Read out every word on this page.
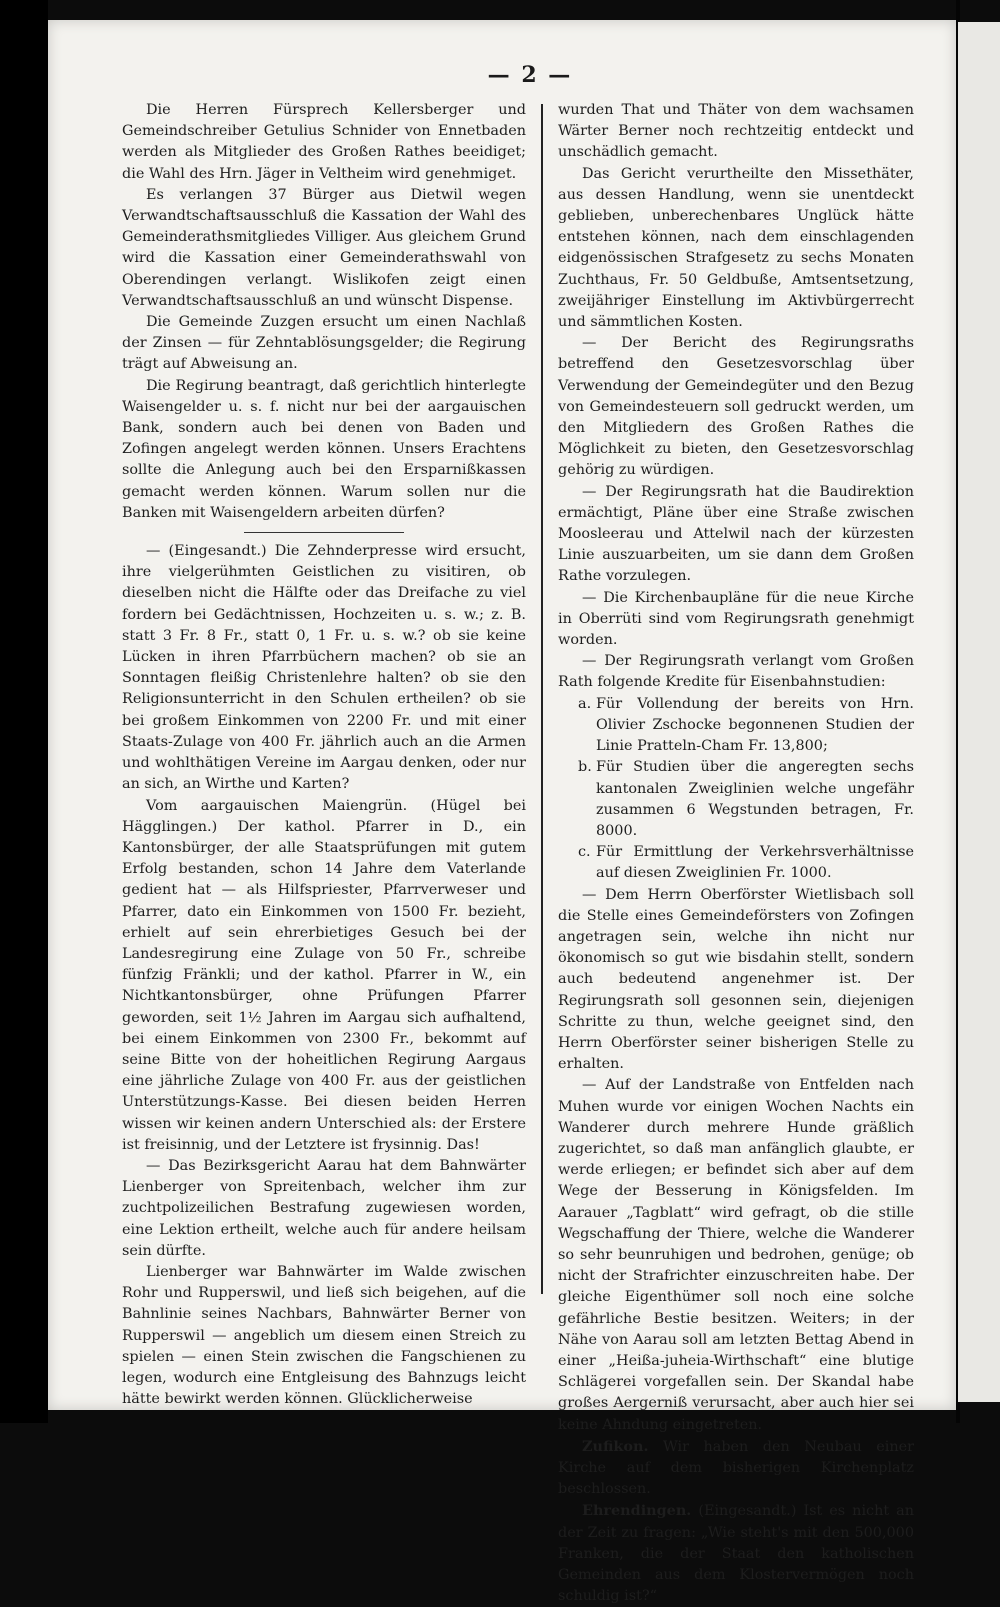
— 2 —

Die Herren Fürsprech Kellersberger und Gemeindschreiber Getulius Schnider von Ennetbaden werden als Mitglieder des Großen Rathes beeidiget; die Wahl des Hrn. Jäger in Veltheim wird genehmiget.

Es verlangen 37 Bürger aus Dietwil wegen Verwandtschaftsausschluß die Kassation der Wahl des Gemeinderathsmitgliedes Villiger. Aus gleichem Grund wird die Kassation einer Gemeinderathswahl von Oberendingen verlangt. Wislikofen zeigt einen Verwandtschaftsausschluß an und wünscht Dispense.

Die Gemeinde Zuzgen ersucht um einen Nachlaß der Zinsen — für Zehntablösungsgelder; die Regirung trägt auf Abweisung an.

Die Regirung beantragt, daß gerichtlich hinterlegte Waisengelder u. s. f. nicht nur bei der aargauischen Bank, sondern auch bei denen von Baden und Zofingen angelegt werden können. Unsers Erachtens sollte die Anlegung auch bei den Ersparnißkassen gemacht werden können. Warum sollen nur die Banken mit Waisengeldern arbeiten dürfen?

— (Eingesandt.) Die Zehnderpresse wird ersucht, ihre vielgerühmten Geistlichen zu visitiren, ob dieselben nicht die Hälfte oder das Dreifache zu viel fordern bei Gedächtnissen, Hochzeiten u. s. w.; z. B. statt 3 Fr. 8 Fr., statt 0, 1 Fr. u. s. w.? ob sie keine Lücken in ihren Pfarrbüchern machen? ob sie an Sonntagen fleißig Christenlehre halten? ob sie den Religionsunterricht in den Schulen ertheilen? ob sie bei großem Einkommen von 2200 Fr. und mit einer Staats-Zulage von 400 Fr. jährlich auch an die Armen und wohlthätigen Vereine im Aargau denken, oder nur an sich, an Wirthe und Karten?

Vom aargauischen Maiengrün. (Hügel bei Hägglingen.) Der kathol. Pfarrer in D., ein Kantonsbürger, der alle Staatsprüfungen mit gutem Erfolg bestanden, schon 14 Jahre dem Vaterlande gedient hat — als Hilfspriester, Pfarrverweser und Pfarrer, dato ein Einkommen von 1500 Fr. bezieht, erhielt auf sein ehrerbietiges Gesuch bei der Landesregirung eine Zulage von 50 Fr., schreibe fünfzig Fränkli; und der kathol. Pfarrer in W., ein Nichtkantonsbürger, ohne Prüfungen Pfarrer geworden, seit 1½ Jahren im Aargau sich aufhaltend, bei einem Einkommen von 2300 Fr., bekommt auf seine Bitte von der hoheitlichen Regirung Aargaus eine jährliche Zulage von 400 Fr. aus der geistlichen Unterstützungs-Kasse. Bei diesen beiden Herren wissen wir keinen andern Unterschied als: der Erstere ist freisinnig, und der Letztere ist frysinnig. Das!

— Das Bezirksgericht Aarau hat dem Bahnwärter Lienberger von Spreitenbach, welcher ihm zur zuchtpolizeilichen Bestrafung zugewiesen worden, eine Lektion ertheilt, welche auch für andere heilsam sein dürfte.

Lienberger war Bahnwärter im Walde zwischen Rohr und Rupperswil, und ließ sich beigehen, auf die Bahnlinie seines Nachbars, Bahnwärter Berner von Rupperswil — angeblich um diesem einen Streich zu spielen — einen Stein zwischen die Fangschienen zu legen, wodurch eine Entgleisung des Bahnzugs leicht hätte bewirkt werden können. Glücklicherweise

wurden That und Thäter von dem wachsamen Wärter Berner noch rechtzeitig entdeckt und unschädlich gemacht.

Das Gericht verurtheilte den Missethäter, aus dessen Handlung, wenn sie unentdeckt geblieben, unberechenbares Unglück hätte entstehen können, nach dem einschlagenden eidgenössischen Strafgesetz zu sechs Monaten Zuchthaus, Fr. 50 Geldbuße, Amtsentsetzung, zweijähriger Einstellung im Aktivbürgerrecht und sämmtlichen Kosten.

— Der Bericht des Regirungsraths betreffend den Gesetzesvorschlag über Verwendung der Gemeindegüter und den Bezug von Gemeindesteuern soll gedruckt werden, um den Mitgliedern des Großen Rathes die Möglichkeit zu bieten, den Gesetzesvorschlag gehörig zu würdigen.

— Der Regirungsrath hat die Baudirektion ermächtigt, Pläne über eine Straße zwischen Moosleerau und Attelwil nach der kürzesten Linie auszuarbeiten, um sie dann dem Großen Rathe vorzulegen.

— Die Kirchenbaupläne für die neue Kirche in Oberrüti sind vom Regirungsrath genehmigt worden.

— Der Regirungsrath verlangt vom Großen Rath folgende Kredite für Eisenbahnstudien:

a. Für Vollendung der bereits von Hrn. Olivier Zschocke begonnenen Studien der Linie Pratteln-Cham Fr. 13,800;

b. Für Studien über die angeregten sechs kantonalen Zweiglinien welche ungefähr zusammen 6 Wegstunden betragen, Fr. 8000.

c. Für Ermittlung der Verkehrsverhältnisse auf diesen Zweiglinien Fr. 1000.

— Dem Herrn Oberförster Wietlisbach soll die Stelle eines Gemeindeförsters von Zofingen angetragen sein, welche ihn nicht nur ökonomisch so gut wie bisdahin stellt, sondern auch bedeutend angenehmer ist. Der Regirungsrath soll gesonnen sein, diejenigen Schritte zu thun, welche geeignet sind, den Herrn Oberförster seiner bisherigen Stelle zu erhalten.

— Auf der Landstraße von Entfelden nach Muhen wurde vor einigen Wochen Nachts ein Wanderer durch mehrere Hunde gräßlich zugerichtet, so daß man anfänglich glaubte, er werde erliegen; er befindet sich aber auf dem Wege der Besserung in Königsfelden. Im Aarauer „Tagblatt“ wird gefragt, ob die stille Wegschaffung der Thiere, welche die Wanderer so sehr beunruhigen und bedrohen, genüge; ob nicht der Strafrichter einzuschreiten habe. Der gleiche Eigenthümer soll noch eine solche gefährliche Bestie besitzen. Weiters; in der Nähe von Aarau soll am letzten Bettag Abend in einer „Heißa-juheia-Wirthschaft“ eine blutige Schlägerei vorgefallen sein. Der Skandal habe großes Aergerniß verursacht, aber auch hier sei keine Ahndung eingetreten.

Zufikon. Wir haben den Neubau einer Kirche auf dem bisherigen Kirchenplatz beschlossen.

Ehrendingen. (Eingesandt.) Ist es nicht an der Zeit zu fragen: „Wie steht's mit den 500,000 Franken, die der Staat den katholischen Gemeinden aus dem Klostervermögen noch schuldig ist?“
